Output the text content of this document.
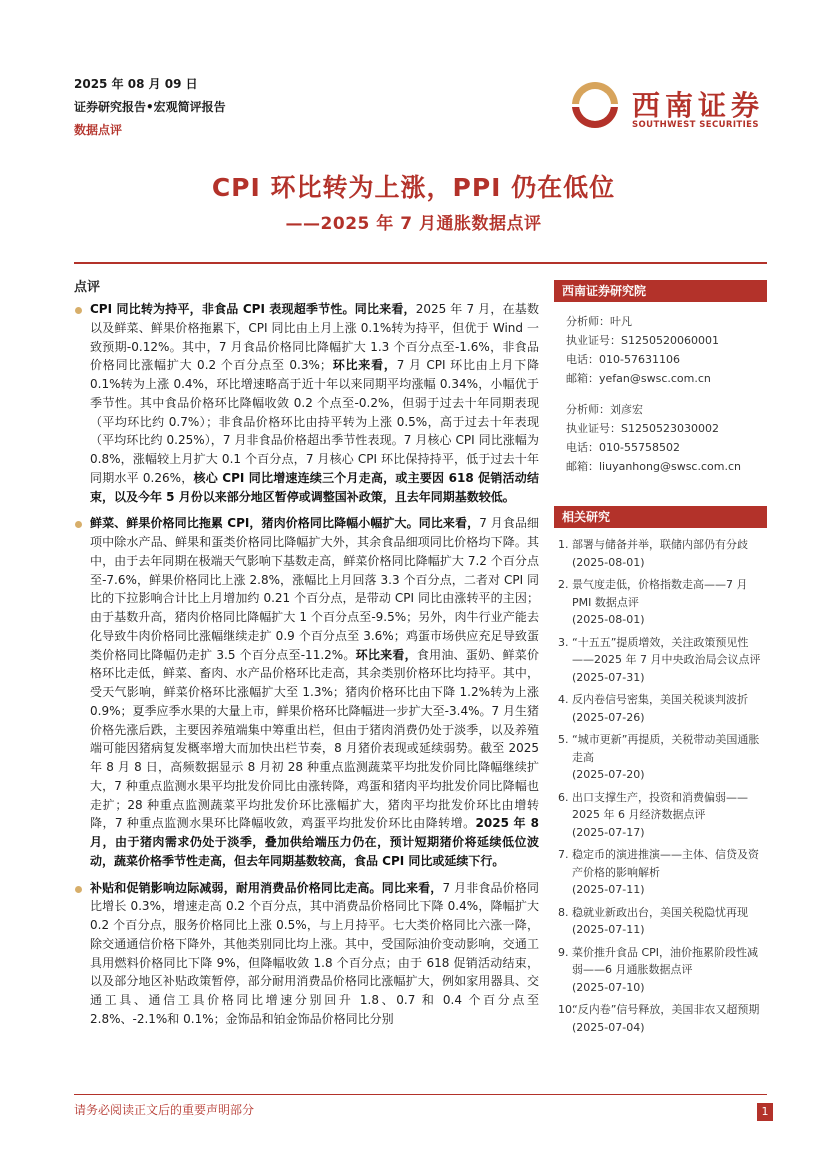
2025 年 08 月 09 日
证券研究报告•宏观简评报告
数据点评
西南证券
SOUTHWEST SECURITIES
CPI 环比转为上涨，PPI 仍在低位
——2025 年 7 月通胀数据点评
点评
CPI 同比转为持平，非食品 CPI 表现超季节性。同比来看，2025 年 7 月，在基数以及鲜菜、鲜果价格拖累下，CPI 同比由上月上涨 0.1%转为持平，但优于 Wind 一致预期-0.12%。其中，7 月食品价格同比降幅扩大 1.3 个百分点至-1.6%，非食品价格同比涨幅扩大 0.2 个百分点至 0.3%；环比来看，7 月 CPI 环比由上月下降 0.1%转为上涨 0.4%，环比增速略高于近十年以来同期平均涨幅 0.34%，小幅优于季节性。其中食品价格环比降幅收敛 0.2 个点至-0.2%，但弱于过去十年同期表现（平均环比约 0.7%）；非食品价格环比由持平转为上涨 0.5%，高于过去十年表现（平均环比约 0.25%），7 月非食品价格超出季节性表现。7 月核心 CPI 同比涨幅为 0.8%，涨幅较上月扩大 0.1 个百分点，7 月核心 CPI 环比保持持平，低于过去十年同期水平 0.26%，核心 CPI 同比增速连续三个月走高，或主要因 618 促销活动结束，以及今年 5 月份以来部分地区暂停或调整国补政策，且去年同期基数较低。
鲜菜、鲜果价格同比拖累 CPI，猪肉价格同比降幅小幅扩大。同比来看，7 月食品细项中除水产品、鲜果和蛋类价格同比降幅扩大外，其余食品细项同比价格均下降。其中，由于去年同期在极端天气影响下基数走高，鲜菜价格同比降幅扩大 7.2 个百分点至-7.6%，鲜果价格同比上涨 2.8%，涨幅比上月回落 3.3 个百分点，二者对 CPI 同比的下拉影响合计比上月增加约 0.21 个百分点，是带动 CPI 同比由涨转平的主因；由于基数升高，猪肉价格同比降幅扩大 1 个百分点至-9.5%；另外，肉牛行业产能去化导致牛肉价格同比涨幅继续走扩 0.9 个百分点至 3.6%；鸡蛋市场供应充足导致蛋类价格同比降幅仍走扩 3.5 个百分点至-11.2%。环比来看，食用油、蛋奶、鲜菜价格环比走低，鲜菜、畜肉、水产品价格环比走高，其余类别价格环比均持平。其中，受天气影响，鲜菜价格环比涨幅扩大至 1.3%；猪肉价格环比由下降 1.2%转为上涨 0.9%；夏季应季水果的大量上市，鲜果价格环比降幅进一步扩大至-3.4%。7 月生猪价格先涨后跌，主要因养殖端集中筹重出栏，但由于猪肉消费仍处于淡季，以及养殖端可能因猪病复发概率增大而加快出栏节奏，8 月猪价表现或延续弱势。截至 2025 年 8 月 8 日，高频数据显示 8 月初 28 种重点监测蔬菜平均批发价同比降幅继续扩大，7 种重点监测水果平均批发价同比由涨转降，鸡蛋和猪肉平均批发价同比降幅也走扩；28 种重点监测蔬菜平均批发价环比涨幅扩大，猪肉平均批发价环比由增转降，7 种重点监测水果环比降幅收敛，鸡蛋平均批发价环比由降转增。2025 年 8 月，由于猪肉需求仍处于淡季，叠加供给端压力仍在，预计短期猪价将延续低位波动，蔬菜价格季节性走高，但去年同期基数较高，食品 CPI 同比或延续下行。
补贴和促销影响边际减弱，耐用消费品价格同比走高。同比来看，7 月非食品价格同比增长 0.3%，增速走高 0.2 个百分点，其中消费品价格同比下降 0.4%，降幅扩大 0.2 个百分点，服务价格同比上涨 0.5%，与上月持平。七大类价格同比六涨一降，除交通通信价格下降外，其他类别同比均上涨。其中，受国际油价变动影响，交通工具用燃料价格同比下降 9%，但降幅收敛 1.8 个百分点；由于 618 促销活动结束，以及部分地区补贴政策暂停，部分耐用消费品价格同比涨幅扩大，例如家用器具、交通工具、通信工具价格同比增速分别回升 1.8、0.7 和 0.4 个百分点至 2.8%、-2.1%和 0.1%；金饰品和铂金饰品价格同比分别
西南证券研究院
分析师：叶凡
执业证号：S1250520060001
电话：010-57631106
邮箱：yefan@swsc.com.cn
分析师：刘彦宏
执业证号：S1250523030002
电话：010-55758502
邮箱：liuyanhong@swsc.com.cn
相关研究
1. 部署与储备并举，联储内部仍有分歧
(2025-08-01)
2. 景气度走低，价格指数走高——7 月 PMI 数据点评
(2025-08-01)
3. “十五五”提质增效，关注政策预见性——2025 年 7 月中央政治局会议点评
(2025-07-31)
4. 反内卷信号密集，美国关税谈判波折
(2025-07-26)
5. “城市更新”再提质，关税带动美国通胀走高
(2025-07-20)
6. 出口支撑生产，投资和消费偏弱——2025 年 6 月经济数据点评
(2025-07-17)
7. 稳定币的演进推演——主体、信贷及资产价格的影响解析
(2025-07-11)
8. 稳就业新政出台，美国关税隐忧再现
(2025-07-11)
9. 菜价推升食品 CPI，油价拖累阶段性减弱——6 月通胀数据点评
(2025-07-10)
10.
“反内卷”信号释放，美国非农又超预期
(2025-07-04)
请务必阅读正文后的重要声明部分	1
